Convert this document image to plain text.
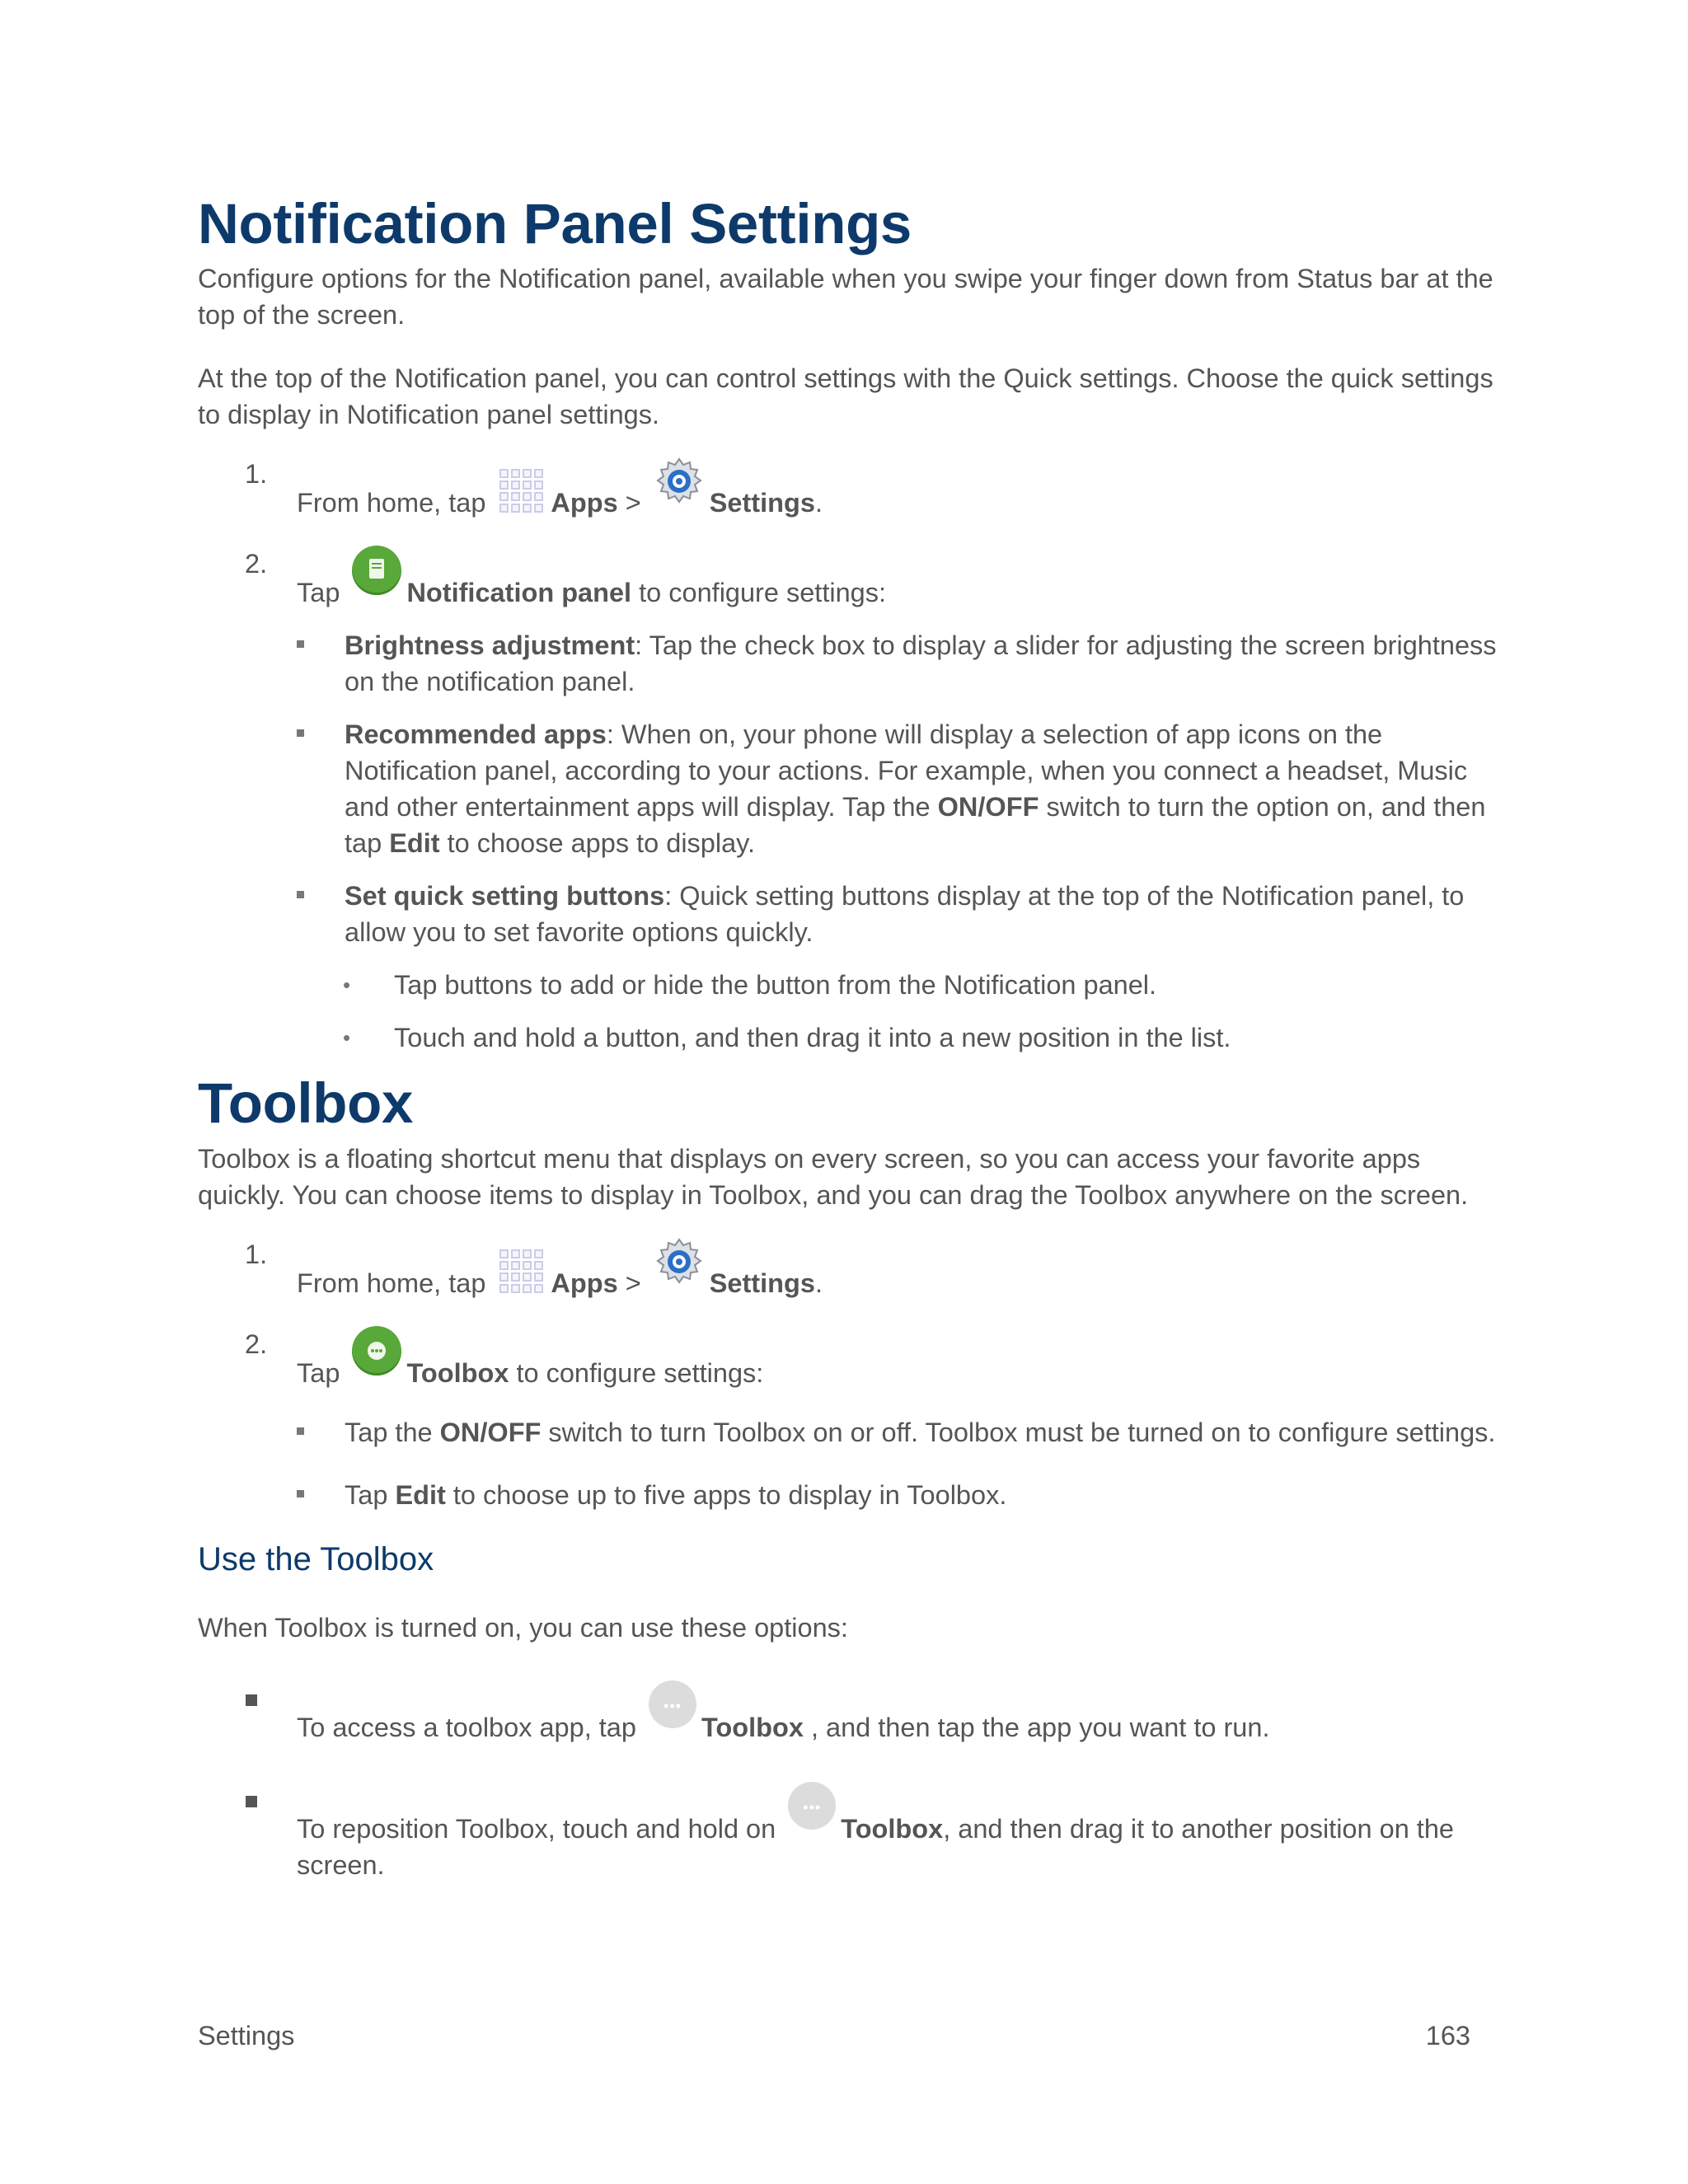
Notification Panel Settings

Configure options for the Notification panel, available when you swipe your finger down from Status bar at the top of the screen.

At the top of the Notification panel, you can control settings with the Quick settings. Choose the quick settings to display in Notification panel settings.

1.
From home, tap Apps >	Settings.
2.
Tap Notification panel to configure settings:
Brightness adjustment: Tap the check box to display a slider for adjusting the screen brightness on the notification panel.
Recommended apps: When on, your phone will display a selection of app icons on the Notification panel, according to your actions. For example, when you connect a headset, Music and other entertainment apps will display. Tap the ON/OFF switch to turn the option on, and then tap Edit to choose apps to display.
Set quick setting buttons: Quick setting buttons display at the top of the Notification panel, to allow you to set favorite options quickly.
• Tap buttons to add or hide the button from the Notification panel.
• Touch and hold a button, and then drag it into a new position in the list.
Toolbox

Toolbox is a floating shortcut menu that displays on every screen, so you can access your favorite apps quickly. You can choose items to display in Toolbox, and you can drag the Toolbox anywhere on the screen.

1.
From home, tap Apps >	Settings.
2.
Tap Toolbox to configure settings:
Tap the ON/OFF switch to turn Toolbox on or off. Toolbox must be turned on to configure settings.
Tap Edit to choose up to five apps to display in Toolbox.
Use the Toolbox

When Toolbox is turned on, you can use these options:

To access a toolbox app, tap ••• Toolbox , and then tap the app you want to run.
To reposition Toolbox, touch and hold on ••• Toolbox, and then drag it to another position on the screen.
Settings	163
